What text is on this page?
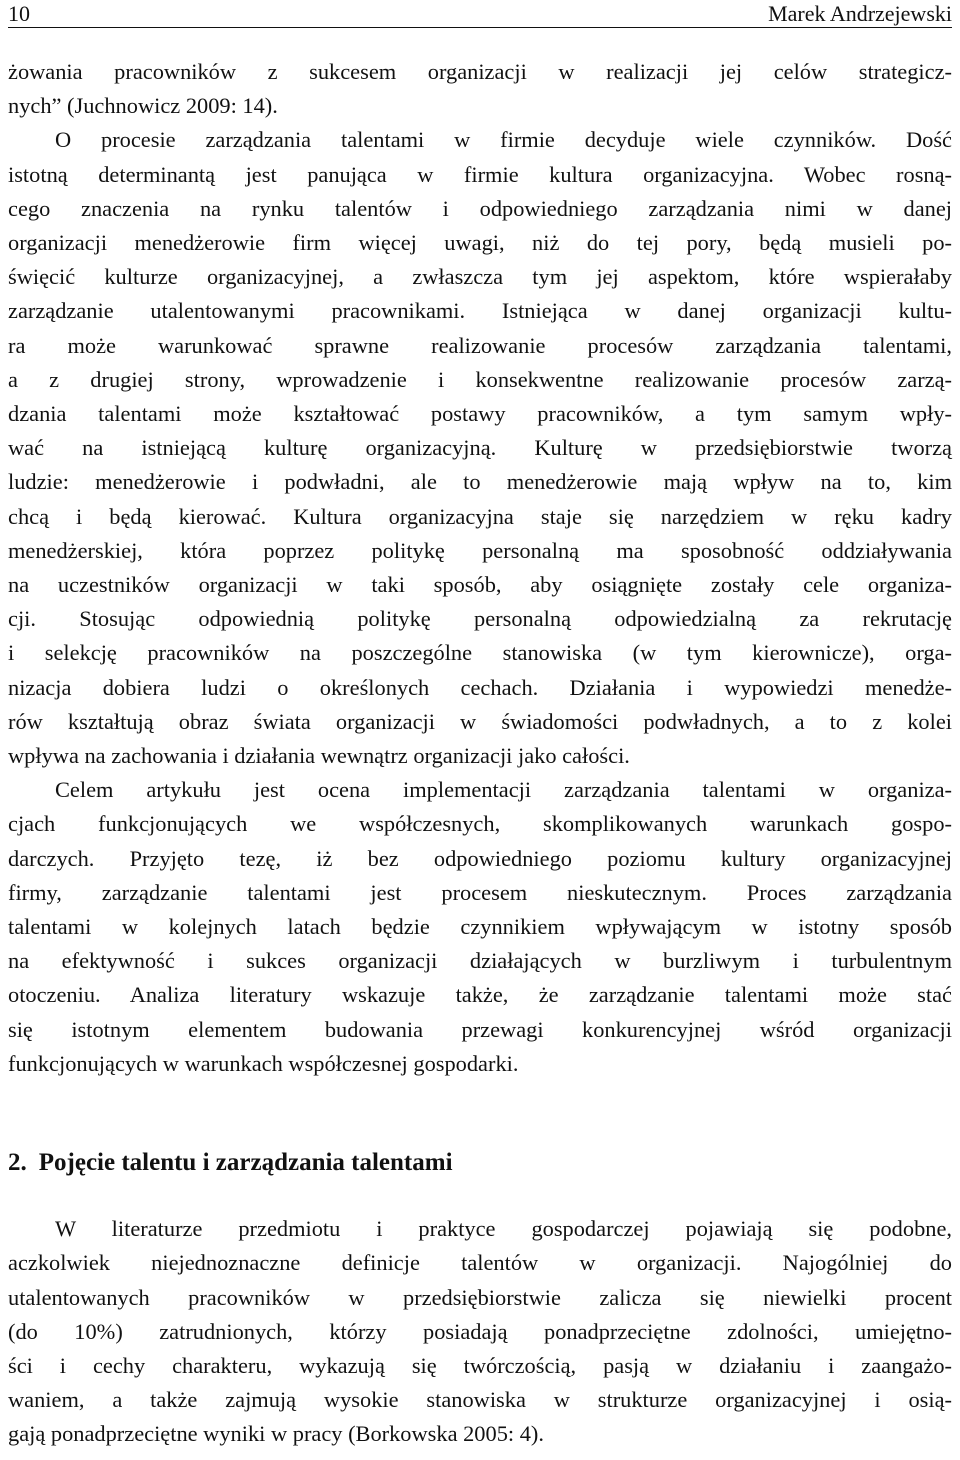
10	Marek Andrzejewski

żowania pracowników z sukcesem organizacji w realizacji jej celów strategicz-
nych” (Juchnowicz 2009: 14).

O procesie zarządzania talentami w firmie decyduje wiele czynników. Dość
istotną determinantą jest panująca w firmie kultura organizacyjna. Wobec rosną-
cego znaczenia na rynku talentów i odpowiedniego zarządzania nimi w danej
organizacji menedżerowie firm więcej uwagi, niż do tej pory, będą musieli po-
święcić kulturze organizacyjnej, a zwłaszcza tym jej aspektom, które wspierałaby
zarządzanie utalentowanymi pracownikami. Istniejąca w danej organizacji kultu-
ra może warunkować sprawne realizowanie procesów zarządzania talentami,
a z drugiej strony, wprowadzenie i konsekwentne realizowanie procesów zarzą-
dzania talentami może kształtować postawy pracowników, a tym samym wpły-
wać na istniejącą kulturę organizacyjną. Kulturę w przedsiębiorstwie tworzą
ludzie: menedżerowie i podwładni, ale to menedżerowie mają wpływ na to, kim
chcą i będą kierować. Kultura organizacyjna staje się narzędziem w ręku kadry
menedżerskiej, która poprzez politykę personalną ma sposobność oddziaływania
na uczestników organizacji w taki sposób, aby osiągnięte zostały cele organiza-
cji. Stosując odpowiednią politykę personalną odpowiedzialną za rekrutację
i selekcję pracowników na poszczególne stanowiska (w tym kierownicze), orga-
nizacja dobiera ludzi o określonych cechach. Działania i wypowiedzi menedże-
rów kształtują obraz świata organizacji w świadomości podwładnych, a to z kolei
wpływa na zachowania i działania wewnątrz organizacji jako całości.

Celem artykułu jest ocena implementacji zarządzania talentami w organiza-
cjach funkcjonujących we współczesnych, skomplikowanych warunkach gospo-
darczych. Przyjęto tezę, iż bez odpowiedniego poziomu kultury organizacyjnej
firmy, zarządzanie talentami jest procesem nieskutecznym. Proces zarządzania
talentami w kolejnych latach będzie czynnikiem wpływającym w istotny sposób
na efektywność i sukces organizacji działających w burzliwym i turbulentnym
otoczeniu. Analiza literatury wskazuje także, że zarządzanie talentami może stać
się istotnym elementem budowania przewagi konkurencyjnej wśród organizacji
funkcjonujących w warunkach współczesnej gospodarki.

2. Pojęcie talentu i zarządzania talentami

W literaturze przedmiotu i praktyce gospodarczej pojawiają się podobne,
aczkolwiek niejednoznaczne definicje talentów w organizacji. Najogólniej do
utalentowanych pracowników w przedsiębiorstwie zalicza się niewielki procent
(do 10%) zatrudnionych, którzy posiadają ponadprzeciętne zdolności, umiejętno-
ści i cechy charakteru, wykazują się twórczością, pasją w działaniu i zaangażo-
waniem, a także zajmują wysokie stanowiska w strukturze organizacyjnej i osią-
gają ponadprzeciętne wyniki w pracy (Borkowska 2005: 4).
